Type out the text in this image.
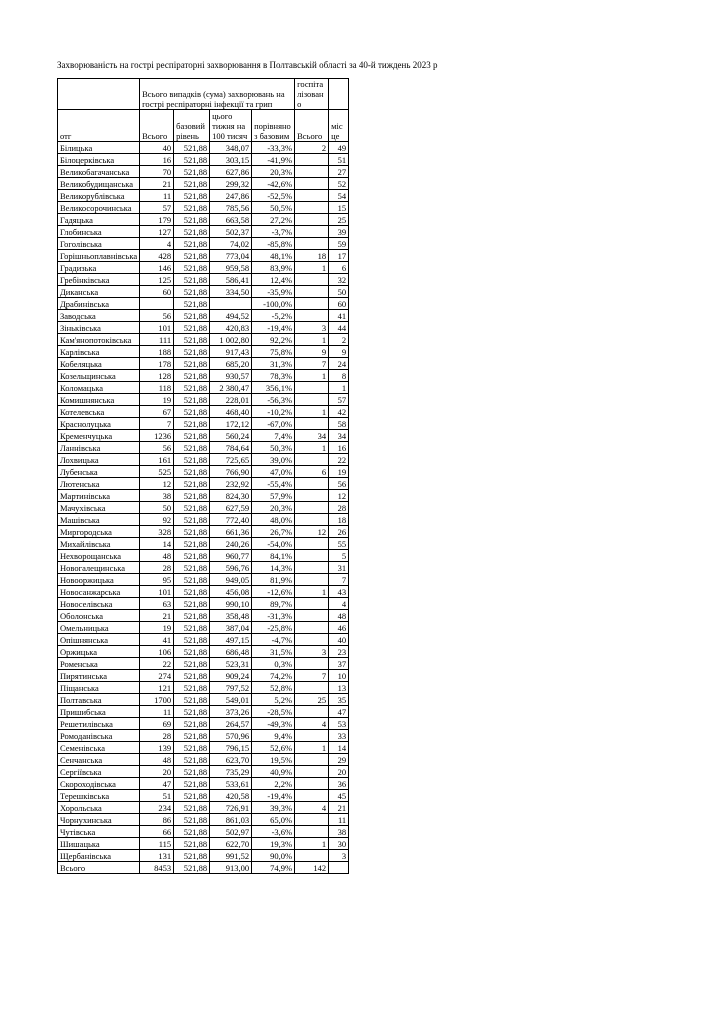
Захворюваність на гострі респіраторні захворювання в Полтавській області за 40-й тиждень 2023 р
	Всього випадків (сума) захворювань на гострі респіраторні інфекції та грип				госпіталізовано	
отг	Всього	базовий рівень	цього тижня на 100 тисяч	порівняно з базовим	Всього	місце
Білицька	40	521,88	348,07	-33,3%	2	49
Білоцерківська	16	521,88	303,15	-41,9%		51
Великобагачанська	70	521,88	627,86	20,3%		27
Великобудищанська	21	521,88	299,32	-42,6%		52
Великорублівська	11	521,88	247,86	-52,5%		54
Великосорочинська	57	521,88	785,56	50,5%		15
Гадяцька	179	521,88	663,58	27,2%		25
Глобинська	127	521,88	502,37	-3,7%		39
Гоголівська	4	521,88	74,02	-85,8%		59
Горішньоплавнівська	428	521,88	773,04	48,1%	18	17
Градизька	146	521,88	959,58	83,9%	1	6
Гребінківська	125	521,88	586,41	12,4%		32
Диканська	60	521,88	334,50	-35,9%		50
Драбинівська		521,88		-100,0%		60
Заводська	56	521,88	494,52	-5,2%		41
Зіньківська	101	521,88	420,83	-19,4%	3	44
Кам'янопотоківська	111	521,88	1 002,80	92,2%	1	2
Карлівська	188	521,88	917,43	75,8%	9	9
Кобеляцька	178	521,88	685,20	31,3%	7	24
Козельщинська	128	521,88	930,57	78,3%	1	8
Коломацька	118	521,88	2 380,47	356,1%		1
Комишнянська	19	521,88	228,01	-56,3%		57
Котелевська	67	521,88	468,40	-10,2%	1	42
Краснолуцька	7	521,88	172,12	-67,0%		58
Кременчуцька	1236	521,88	560,24	7,4%	34	34
Ланнівська	56	521,88	784,64	50,3%	1	16
Лохвицька	161	521,88	725,65	39,0%		22
Лубенська	525	521,88	766,90	47,0%	6	19
Лютенська	12	521,88	232,92	-55,4%		56
Мартинівська	38	521,88	824,30	57,9%		12
Мачухівська	50	521,88	627,59	20,3%		28
Машівська	92	521,88	772,40	48,0%		18
Миргородська	328	521,88	661,36	26,7%	12	26
Михайлівська	14	521,88	240,26	-54,0%		55
Нехворощанська	48	521,88	960,77	84,1%		5
Новогалещинська	28	521,88	596,76	14,3%		31
Новооржицька	95	521,88	949,05	81,9%		7
Новосанжарська	101	521,88	456,08	-12,6%	1	43
Новоселівська	63	521,88	990,10	89,7%		4
Оболонська	21	521,88	358,48	-31,3%		48
Омельницька	19	521,88	387,04	-25,8%		46
Опішнянська	41	521,88	497,15	-4,7%		40
Оржицька	106	521,88	686,48	31,5%	3	23
Роменська	22	521,88	523,31	0,3%		37
Пирятинська	274	521,88	909,24	74,2%	7	10
Піщанська	121	521,88	797,52	52,8%		13
Полтавська	1700	521,88	549,01	5,2%	25	35
Пришибська	11	521,88	373,26	-28,5%		47
Решетилівська	69	521,88	264,57	-49,3%	4	53
Ромоданівська	28	521,88	570,96	9,4%		33
Семенівська	139	521,88	796,15	52,6%	1	14
Сенчанська	48	521,88	623,70	19,5%		29
Сергіївська	20	521,88	735,29	40,9%		20
Скороходівська	47	521,88	533,61	2,2%		36
Терешківська	51	521,88	420,58	-19,4%		45
Хорольська	234	521,88	726,91	39,3%	4	21
Чорнухинська	86	521,88	861,03	65,0%		11
Чутівська	66	521,88	502,97	-3,6%		38
Шишацька	115	521,88	622,70	19,3%	1	30
Щербанівська	131	521,88	991,52	90,0%		3
Всього	8453	521,88	913,00	74,9%	142	
